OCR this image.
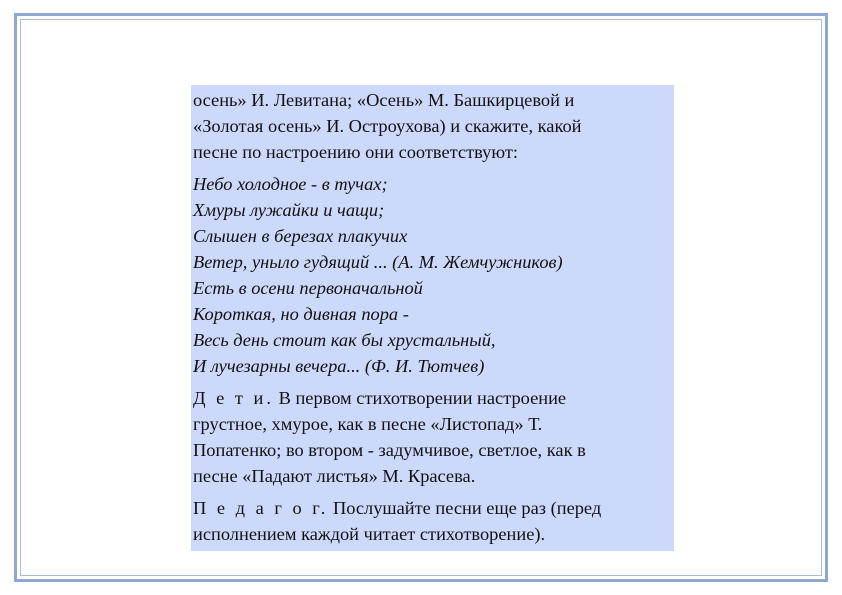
осень» И. Левитана; «Осень» М. Башкирцевой и
«Золотая осень» И. Остроухова) и скажите, какой
песне по настроению они соответствуют:

Небо холодное - в тучах;
Хмуры лужайки и чащи;
Слышен в березах плакучих
Ветер, уныло гудящий ... (А. М. Жемчужников)
Есть в осени первоначальной
Короткая, но дивная пора -
Весь день стоит как бы хрустальный,
И лучезарны вечера... (Ф. И. Тютчев)

Д е т и. В первом стихотворении настроение
грустное, хмурое, как в песне «Листопад» Т.
Попатенко; во втором - задумчивое, светлое, как в
песне «Падают листья» М. Красева.

П е д а г о г. Послушайте песни еще раз (перед
исполнением каждой читает стихотворение).
